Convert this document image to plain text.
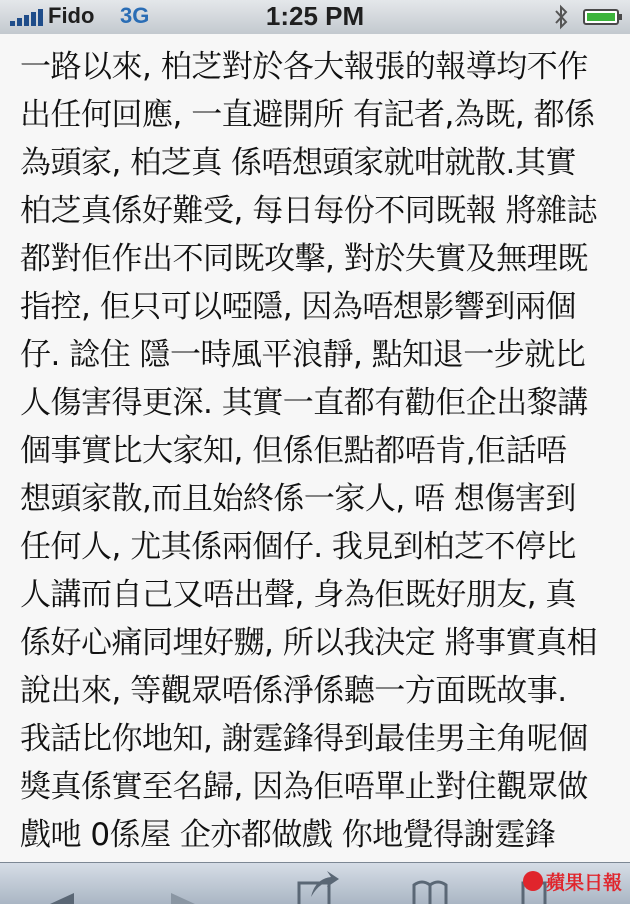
Fido 3G	1:25 PM
一路以來, 柏芝對於各大報張的報導均不作
出任何回應, 一直避開所 有記者,為既, 都係
為頭家, 柏芝真 係唔想頭家就咁就散.其實
柏芝真係好難受, 每日每份不同既報 將雜誌
都對佢作出不同既攻擊, 對於失實及無理既
指控, 佢只可以啞隱, 因為唔想影響到兩個
仔. 諗住 隱一時風平浪靜, 點知退一步就比
人傷害得更深. 其實一直都有勸佢企出黎講
個事實比大家知, 但係佢點都唔肯,佢話唔
想頭家散,而且始終係一家人, 唔 想傷害到
任何人, 尤其係兩個仔. 我見到柏芝不停比
人講而自己又唔出聲, 身為佢既好朋友, 真
係好心痛同埋好嬲, 所以我決定 將事實真相
說出來, 等觀眾唔係淨係聽一方面既故事.
我話比你地知, 謝霆鋒得到最佳男主角呢個
獎真係實至名歸, 因為佢唔單止對住觀眾做
戲吔 0係屋 企亦都做戲 你地覺得謝霆鋒
蘋果日報
